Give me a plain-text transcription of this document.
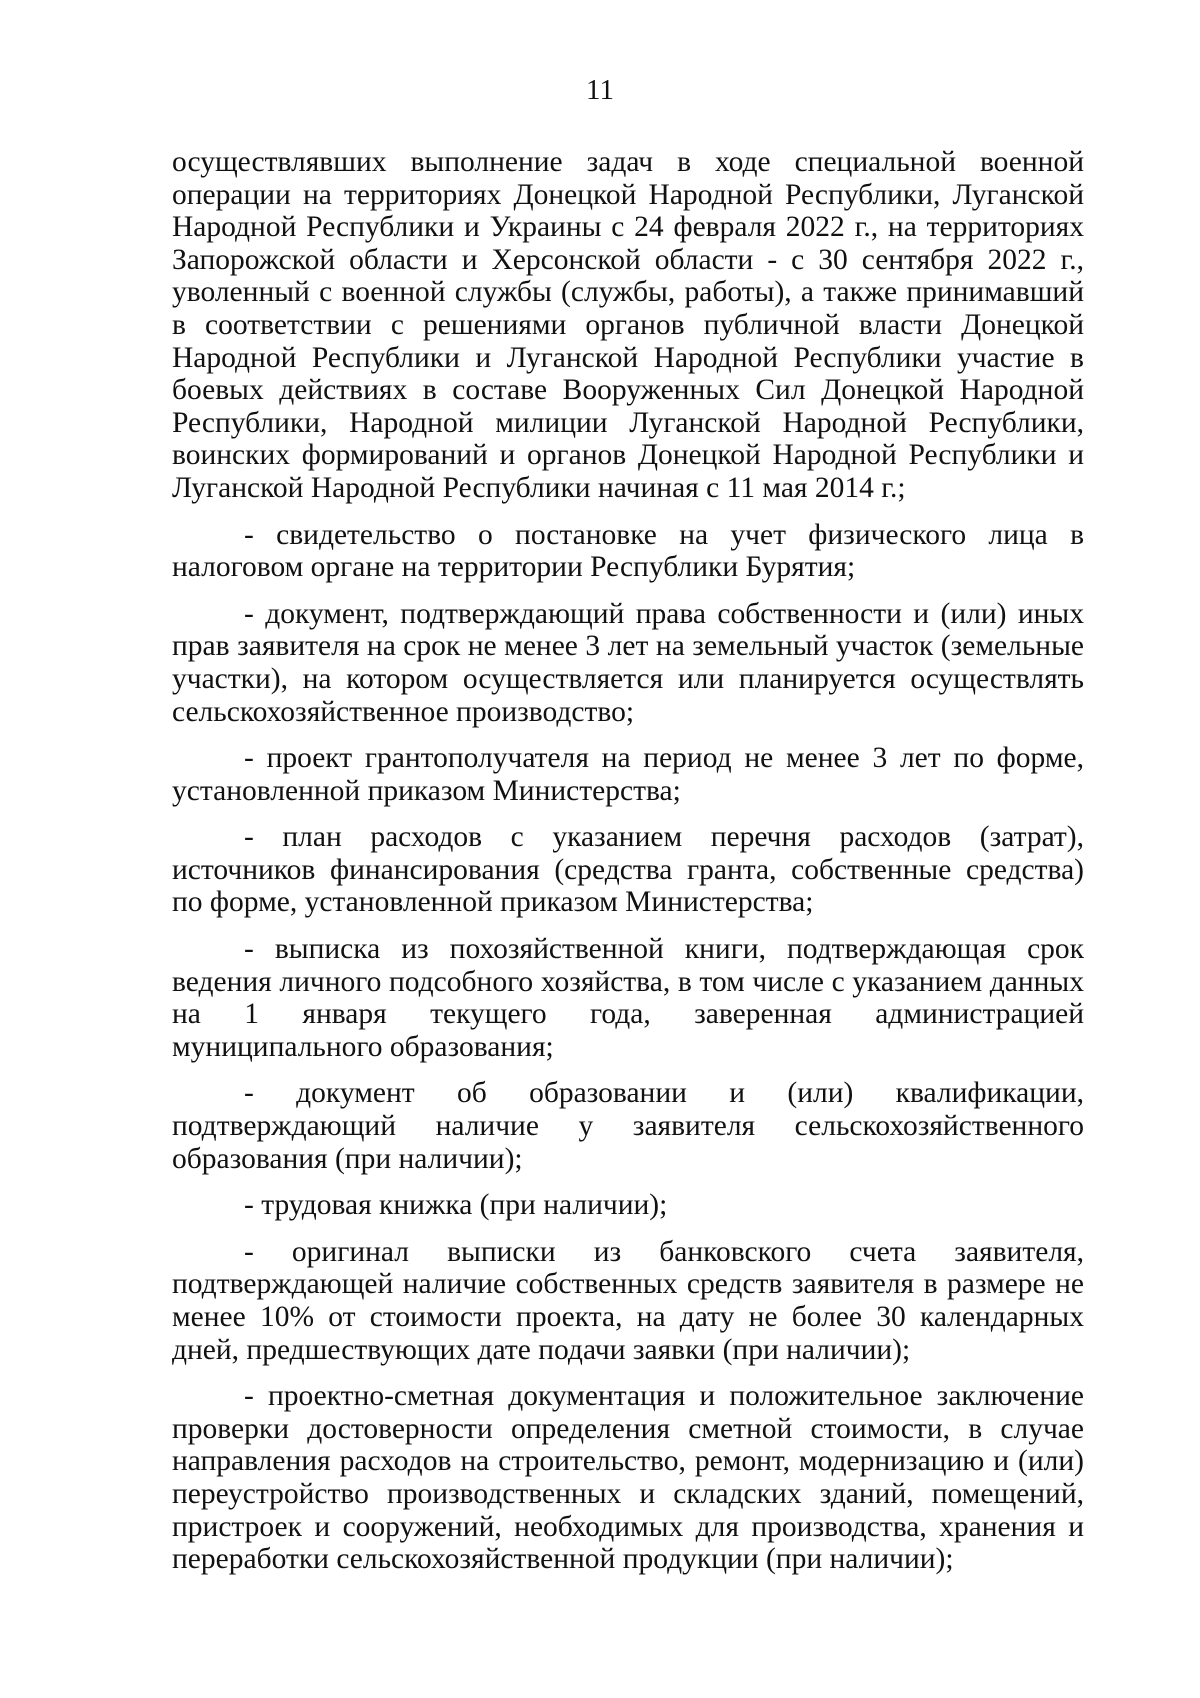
11

осуществлявших выполнение задач в ходе специальной военной операции на территориях Донецкой Народной Республики, Луганской Народной Республики и Украины с 24 февраля 2022 г., на территориях Запорожской области и Херсонской области - с 30 сентября 2022 г., уволенный с военной службы (службы, работы), а также принимавший в соответствии с решениями органов публичной власти Донецкой Народной Республики и Луганской Народной Республики участие в боевых действиях в составе Вооруженных Сил Донецкой Народной Республики, Народной милиции Луганской Народной Республики, воинских формирований и органов Донецкой Народной Республики и Луганской Народной Республики начиная с 11 мая 2014 г.;

- свидетельство о постановке на учет физического лица в налоговом органе на территории Республики Бурятия;

- документ, подтверждающий права собственности и (или) иных прав заявителя на срок не менее 3 лет на земельный участок (земельные участки), на котором осуществляется или планируется осуществлять сельскохозяйственное производство;

- проект грантополучателя на период не менее 3 лет по форме, установленной приказом Министерства;

- план расходов с указанием перечня расходов (затрат), источников финансирования (средства гранта, собственные средства) по форме, установленной приказом Министерства;

- выписка из похозяйственной книги, подтверждающая срок ведения личного подсобного хозяйства, в том числе с указанием данных на 1 января текущего года, заверенная администрацией муниципального образования;

- документ об образовании и (или) квалификации, подтверждающий наличие у заявителя сельскохозяйственного образования (при наличии);

- трудовая книжка (при наличии);

- оригинал выписки из банковского счета заявителя, подтверждающей наличие собственных средств заявителя в размере не менее 10% от стоимости проекта, на дату не более 30 календарных дней, предшествующих дате подачи заявки (при наличии);

- проектно-сметная документация и положительное заключение проверки достоверности определения сметной стоимости, в случае направления расходов на строительство, ремонт, модернизацию и (или) переустройство производственных и складских зданий, помещений, пристроек и сооружений, необходимых для производства, хранения и переработки сельскохозяйственной продукции (при наличии);
